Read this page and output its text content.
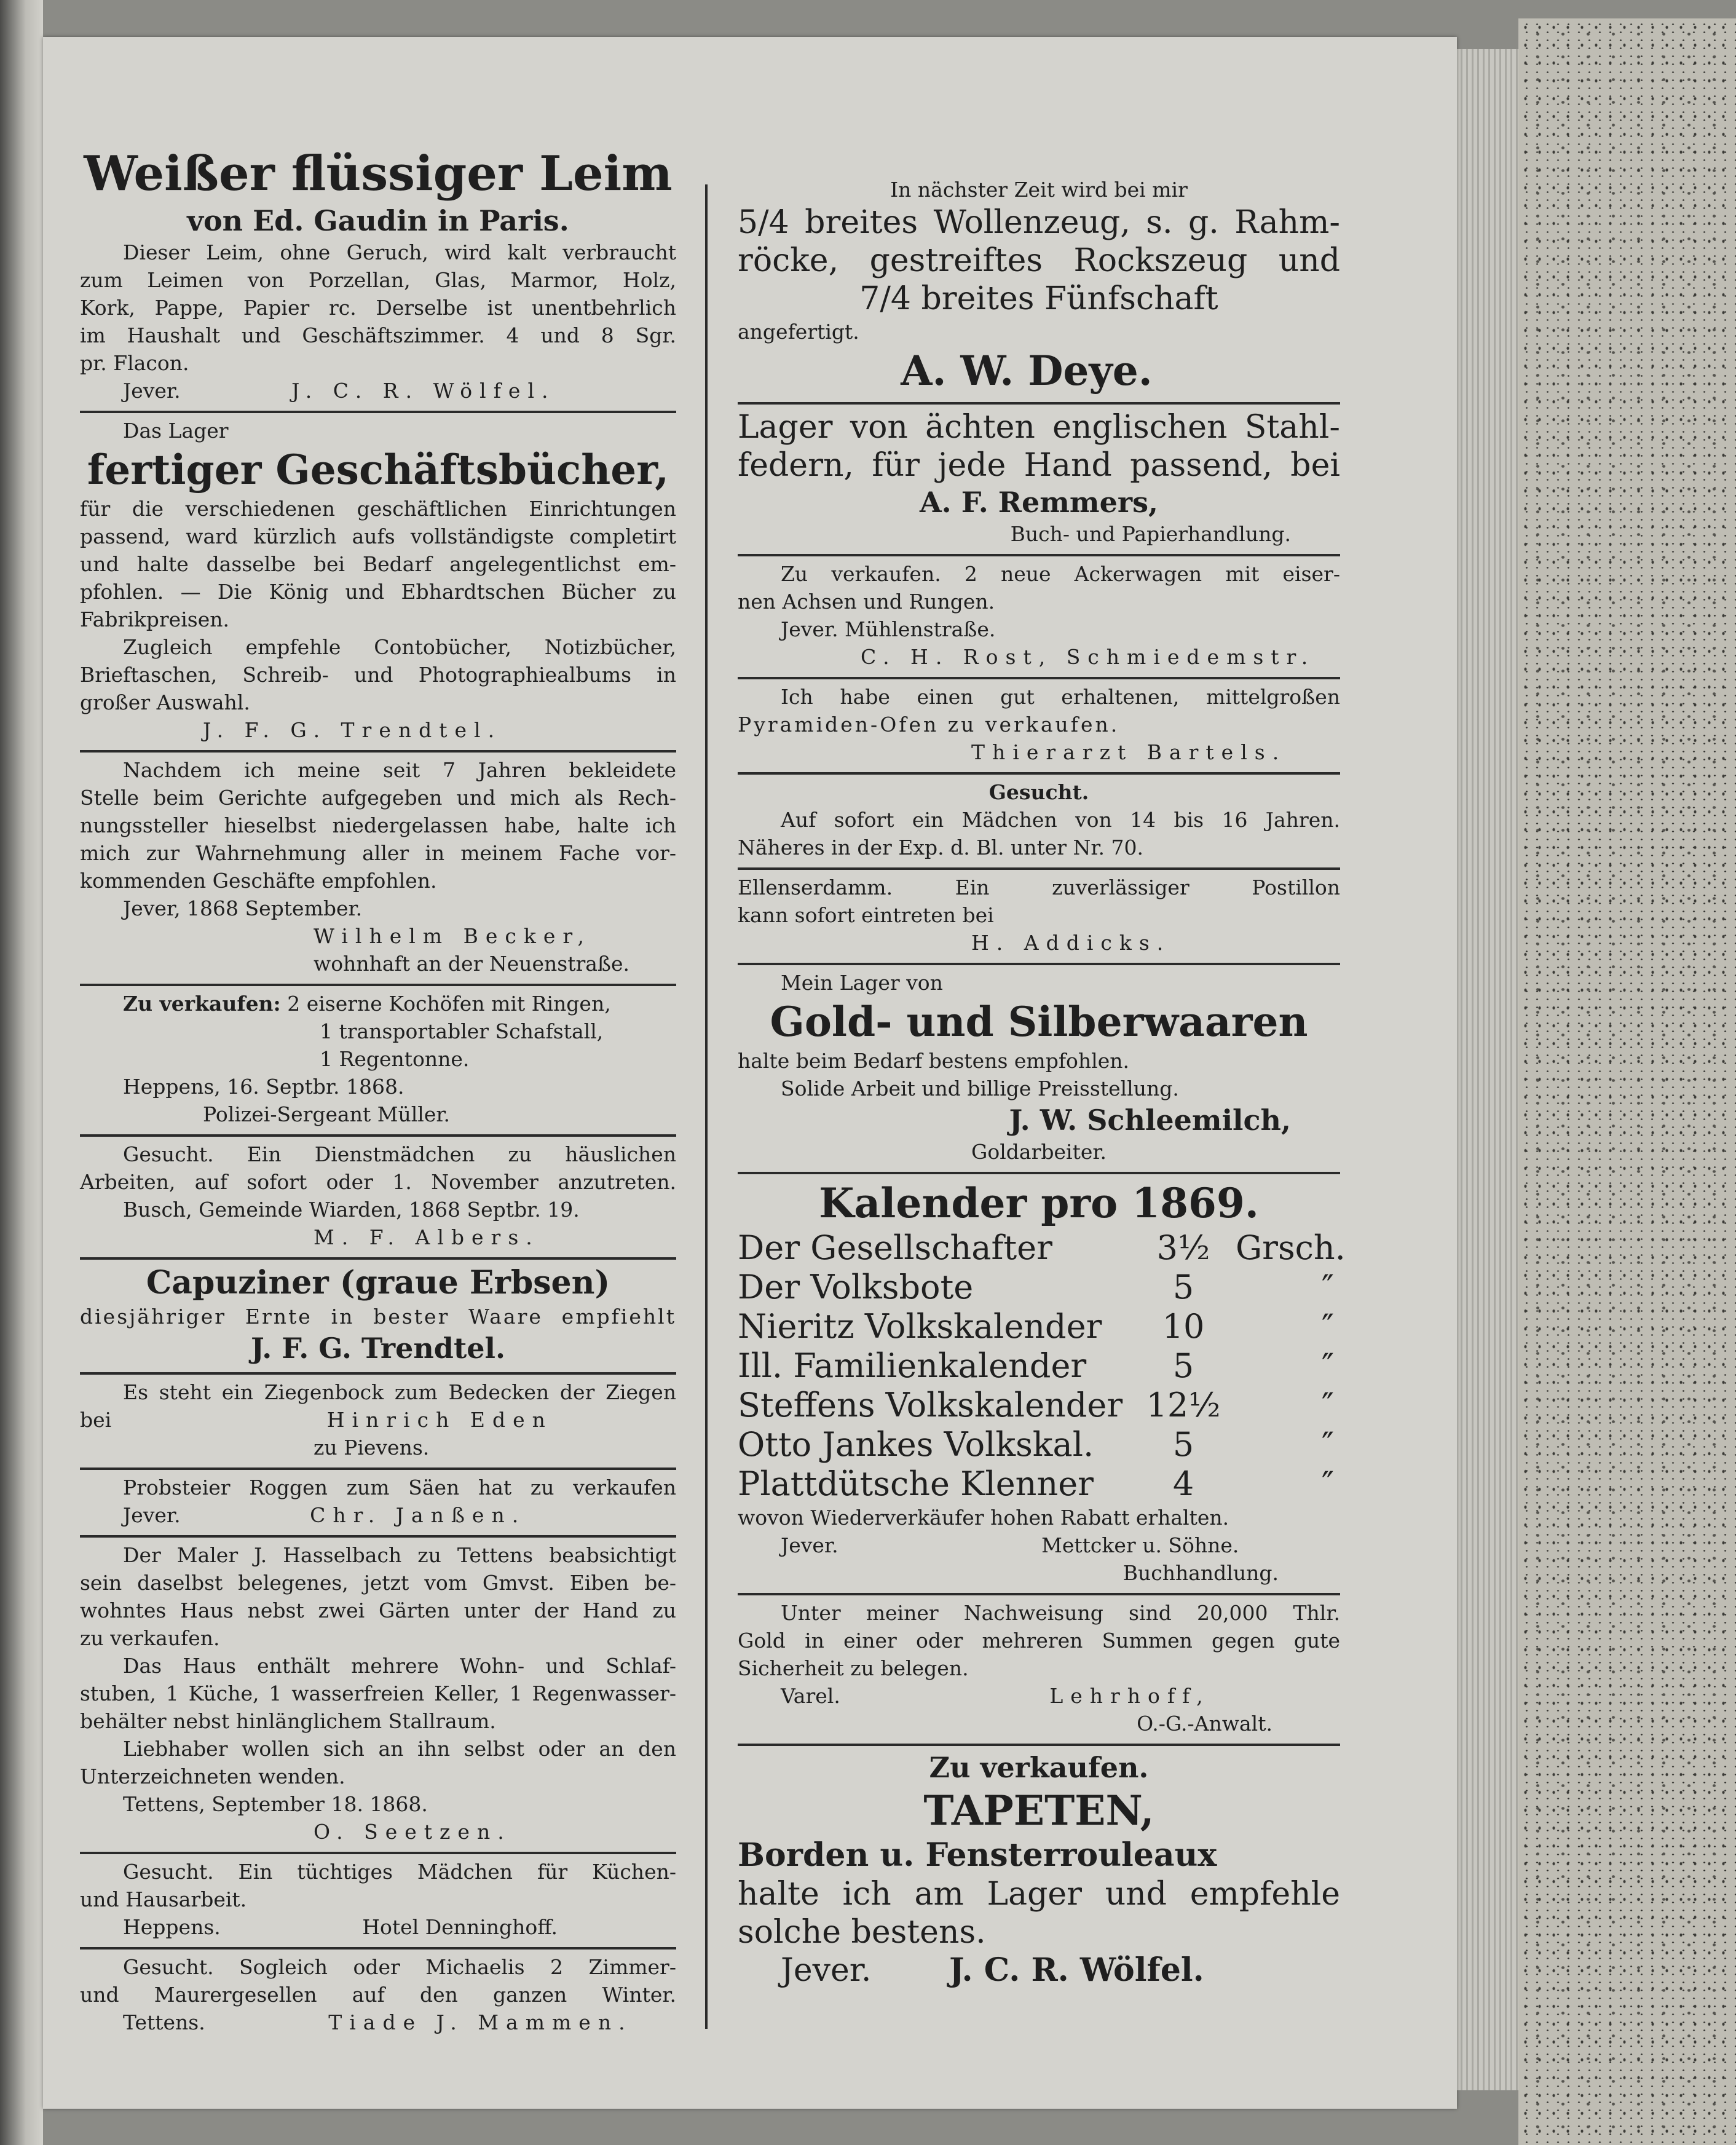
Weißer flüssiger Leim
von Ed. Gaudin in Paris.
Dieser Leim, ohne Geruch, wird kalt verbraucht
zum Leimen von Porzellan, Glas, Marmor, Holz,
Kork, Pappe, Papier rc. Derselbe ist unentbehrlich
im Haushalt und Geschäftszimmer. 4 und 8 Sgr.
pr. Flacon.
Jever.	J. C. R. Wölfel.
Das Lager
fertiger Geschäftsbücher,
für die verschiedenen geschäftlichen Einrichtungen
passend, ward kürzlich aufs vollständigste completirt
und halte dasselbe bei Bedarf angelegentlichst em-
pfohlen. — Die König und Ebhardtschen Bücher zu
Fabrikpreisen.
Zugleich empfehle Contobücher, Notizbücher,
Brieftaschen, Schreib- und Photographiealbums in
großer Auswahl.
J. F. G. Trendtel.
Nachdem ich meine seit 7 Jahren bekleidete
Stelle beim Gerichte aufgegeben und mich als Rech-
nungssteller hieselbst niedergelassen habe, halte ich
mich zur Wahrnehmung aller in meinem Fache vor-
kommenden Geschäfte empfohlen.
Jever, 1868 September.
Wilhelm Becker,
wohnhaft an der Neuenstraße.
Zu verkaufen: 2 eiserne Kochöfen mit Ringen,
1 transportabler Schafstall,
1 Regentonne.
Heppens, 16. Septbr. 1868.
Polizei-Sergeant Müller.
Gesucht. Ein Dienstmädchen zu häuslichen
Arbeiten, auf sofort oder 1. November anzutreten.
Busch, Gemeinde Wiarden, 1868 Septbr. 19.
M. F. Albers.
Capuziner (graue Erbsen)
diesjähriger Ernte in bester Waare empfiehlt
J. F. G. Trendtel.
Es steht ein Ziegenbock zum Bedecken der Ziegen
bei	Hinrich Eden
zu Pievens.
Probsteier Roggen zum Säen hat zu verkaufen
Jever.	Chr. Janßen.
Der Maler J. Hasselbach zu Tettens beabsichtigt
sein daselbst belegenes, jetzt vom Gmvst. Eiben be-
wohntes Haus nebst zwei Gärten unter der Hand zu
zu verkaufen.
Das Haus enthält mehrere Wohn- und Schlaf-
stuben, 1 Küche, 1 wasserfreien Keller, 1 Regenwasser-
behälter nebst hinlänglichem Stallraum.
Liebhaber wollen sich an ihn selbst oder an den
Unterzeichneten wenden.
Tettens, September 18. 1868.
O. Seetzen.
Gesucht. Ein tüchtiges Mädchen für Küchen-
und Hausarbeit.
Heppens.	Hotel Denninghoff.
Gesucht. Sogleich oder Michaelis 2 Zimmer-
und Maurergesellen auf den ganzen Winter.
Tettens.	Tiade J. Mammen.
In nächster Zeit wird bei mir
5/4 breites Wollenzeug, s. g. Rahm-
röcke, gestreiftes Rockszeug und
7/4 breites Fünfschaft
angefertigt.
A. W. Deye.
Lager von ächten englischen Stahl-
federn, für jede Hand passend, bei
A. F. Remmers,
Buch- und Papierhandlung.
Zu verkaufen. 2 neue Ackerwagen mit eiser-
nen Achsen und Rungen.
Jever. Mühlenstraße.
C. H. Rost, Schmiedemstr.
Ich habe einen gut erhaltenen, mittelgroßen
Pyramiden-Ofen zu verkaufen.
Thierarzt Bartels.
Gesucht.
Auf sofort ein Mädchen von 14 bis 16 Jahren.
Näheres in der Exp. d. Bl. unter Nr. 70.
Ellenserdamm. Ein zuverlässiger Postillon
kann sofort eintreten bei
H. Addicks.
Mein Lager von
Gold- und Silberwaaren
halte beim Bedarf bestens empfohlen.
Solide Arbeit und billige Preisstellung.
J. W. Schleemilch,
Goldarbeiter.
Kalender pro 1869.
Der Gesellschafter	3½ Grsch.
Der Volksbote	5	″
Nieritz Volkskalender	10	″
Ill. Familienkalender	5	″
Steffens Volkskalender 12½	″
Otto Jankes Volkskal.	5	″
Plattdütsche Klenner	4	″
wovon Wiederverkäufer hohen Rabatt erhalten.
Jever.	Mettcker u. Söhne.
Buchhandlung.
Unter meiner Nachweisung sind 20,000 Thlr.
Gold in einer oder mehreren Summen gegen gute
Sicherheit zu belegen.
Varel.	Lehrhoff,
O.-G.-Anwalt.
Zu verkaufen.
TAPETEN,
Borden u. Fensterrouleaux
halte ich am Lager und empfehle
solche bestens.
Jever. J. C. R. Wölfel.
